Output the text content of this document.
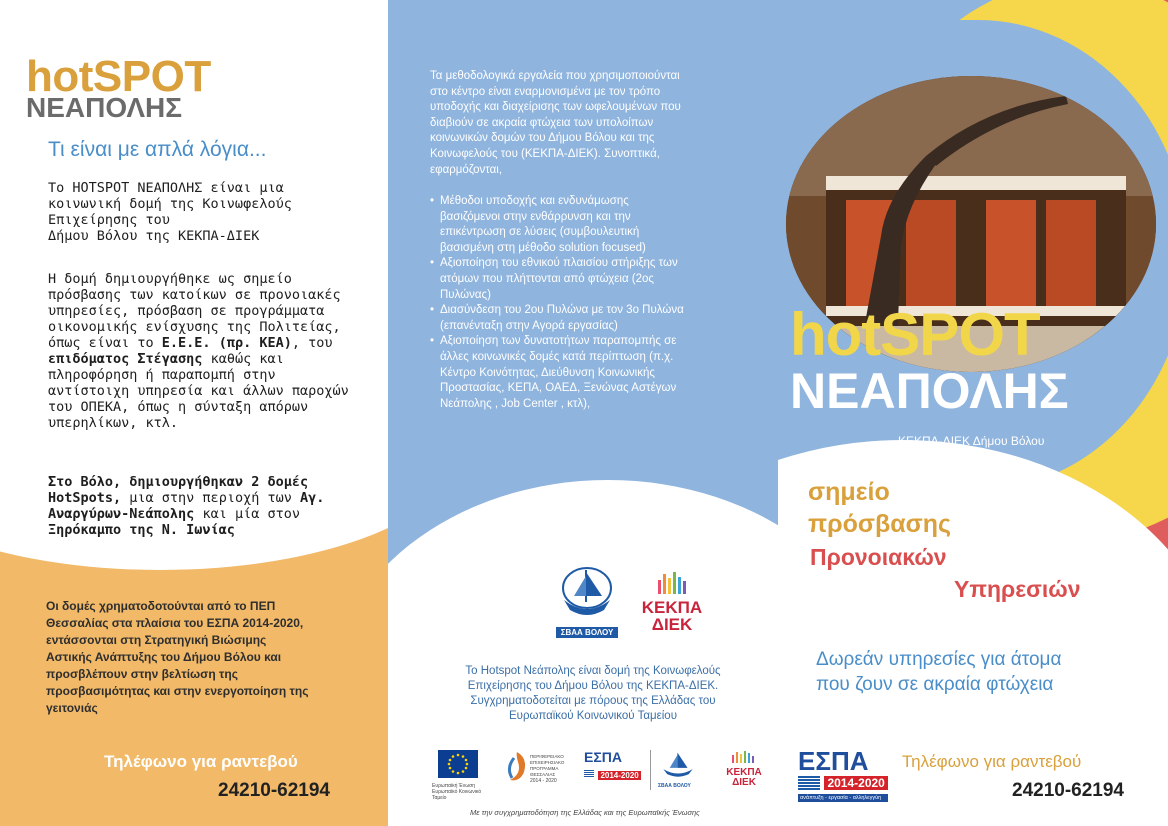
hotSPOT
ΝΕΑΠΟΛΗΣ
Τι είναι με απλά λόγια...
Το HOTSPOT ΝΕΑΠΟΛΗΣ είναι μια
κοινωνική δομή της Κοινωφελούς
Επιχείρησης του
Δήμου Βόλου της ΚΕΚΠΑ-ΔΙΕΚ
Η δομή δημιουργήθηκε ως σημείο
πρόσβασης των κατοίκων σε προνοιακές
υπηρεσίες, πρόσβαση σε προγράμματα
οικονομικής ενίσχυσης της Πολιτείας,
όπως είναι το Ε.Ε.Ε. (πρ. ΚΕΑ), του
επιδόματος Στέγασης καθώς και
πληροφόρηση ή παραπομπή στην
αντίστοιχη υπηρεσία και άλλων παροχών
του ΟΠΕΚΑ, όπως η σύνταξη απόρων
υπερηλίκων, κτλ.
Στο Βόλο, δημιουργήθηκαν 2 δομές
HotSpots, μια στην περιοχή των Αγ.
Αναργύρων-Νεάπολης και μία στον
Ξηρόκαμπο της Ν. Ιωνίας
Οι δομές χρηματοδοτούνται από το ΠΕΠ
Θεσσαλίας στα πλαίσια του ΕΣΠΑ 2014-2020,
εντάσσονται στη Στρατηγική Βιώσιμης
Αστικής Ανάπτυξης του Δήμου Βόλου και
προσβλέπουν στην βελτίωση της
προσβασιμότητας και στην ενεργοποίηση της
γειτονιάς
Τηλέφωνο για ραντεβού
24210-62194
Τα μεθοδολογικά εργαλεία που χρησιμοποιούνται
στο κέντρο είναι εναρμονισμένα με τον τρόπο
υποδοχής και διαχείρισης των ωφελουμένων που
διαβιούν σε ακραία φτώχεια των υπολοίπων
κοινωνικών δομών του Δήμου Βόλου και της
Κοινωφελούς του (ΚΕΚΠΑ-ΔΙΕΚ). Συνοπτικά,
εφαρμόζονται,
• Μέθοδοι υποδοχής και ενδυνάμωσης
βασιζόμενοι στην ενθάρρυνση και την
επικέντρωση σε λύσεις (συμβουλευτική
βασισμένη στη μέθοδο solution focused)
• Αξιοποίηση του εθνικού πλαισίου στήριξης των
ατόμων που πλήττονται από φτώχεια (2ος
Πυλώνας)
• Διασύνδεση του 2ου Πυλώνα με τον 3ο Πυλώνα
(επανένταξη στην Αγορά εργασίας)
• Αξιοποίηση των δυνατοτήτων παραπομπής σε
άλλες κοινωνικές δομές κατά περίπτωση (π.χ.
Κέντρο Κοινότητας, Διεύθυνση Κοινωνικής
Προστασίας, ΚΕΠΑ, ΟΑΕΔ, Ξενώνας Αστέγων
Νεάπολης , Job Center , κτλ),
ΣΒΑΑ ΒΟΛΟΥ
ΚΕΚΠΑ
ΔΙΕΚ
Το Hotspot Νεάπολης είναι δομή της Κοινωφελούς
Επιχείρησης του Δήμου Βόλου της ΚΕΚΠΑ-ΔΙΕΚ.
Συγχρηματοδοτείται με πόρους της Ελλάδας του
Ευρωπαϊκού Κοινωνικού Ταμείου
Ευρωπαϊκή Ένωση
Ευρωπαϊκό Κοινωνικό Ταμείο
ΠΕΡΙΦΕΡΕΙΑΚΟ ΕΠΙΧΕΙΡΗΣΙΑΚΟ ΠΡΟΓΡΑΜΜΑ ΘΕΣΣΑΛΙΑΣ
2014 - 2020
ΕΣΠΑ
2014-2020
ΣΒΑΑ ΒΟΛΟΥ
ΚΕΚΠΑ
ΔΙΕΚ
Με την συγχρηματοδότηση της Ελλάδας και της Ευρωπαϊκής Ένωσης
hotSPOT
ΝΕΑΠΟΛΗΣ
ΚΕΚΠΑ-ΔΙΕΚ Δήμου Βόλου
σημείο
πρόσβασης
Προνοιακών
Υπηρεσιών
Δωρεάν υπηρεσίες για άτομα
που ζουν σε ακραία φτώχεια
ΕΣΠΑ
2014-2020
ανάπτυξη - εργασία - αλληλεγγύη
Τηλέφωνο για ραντεβού
24210-62194
